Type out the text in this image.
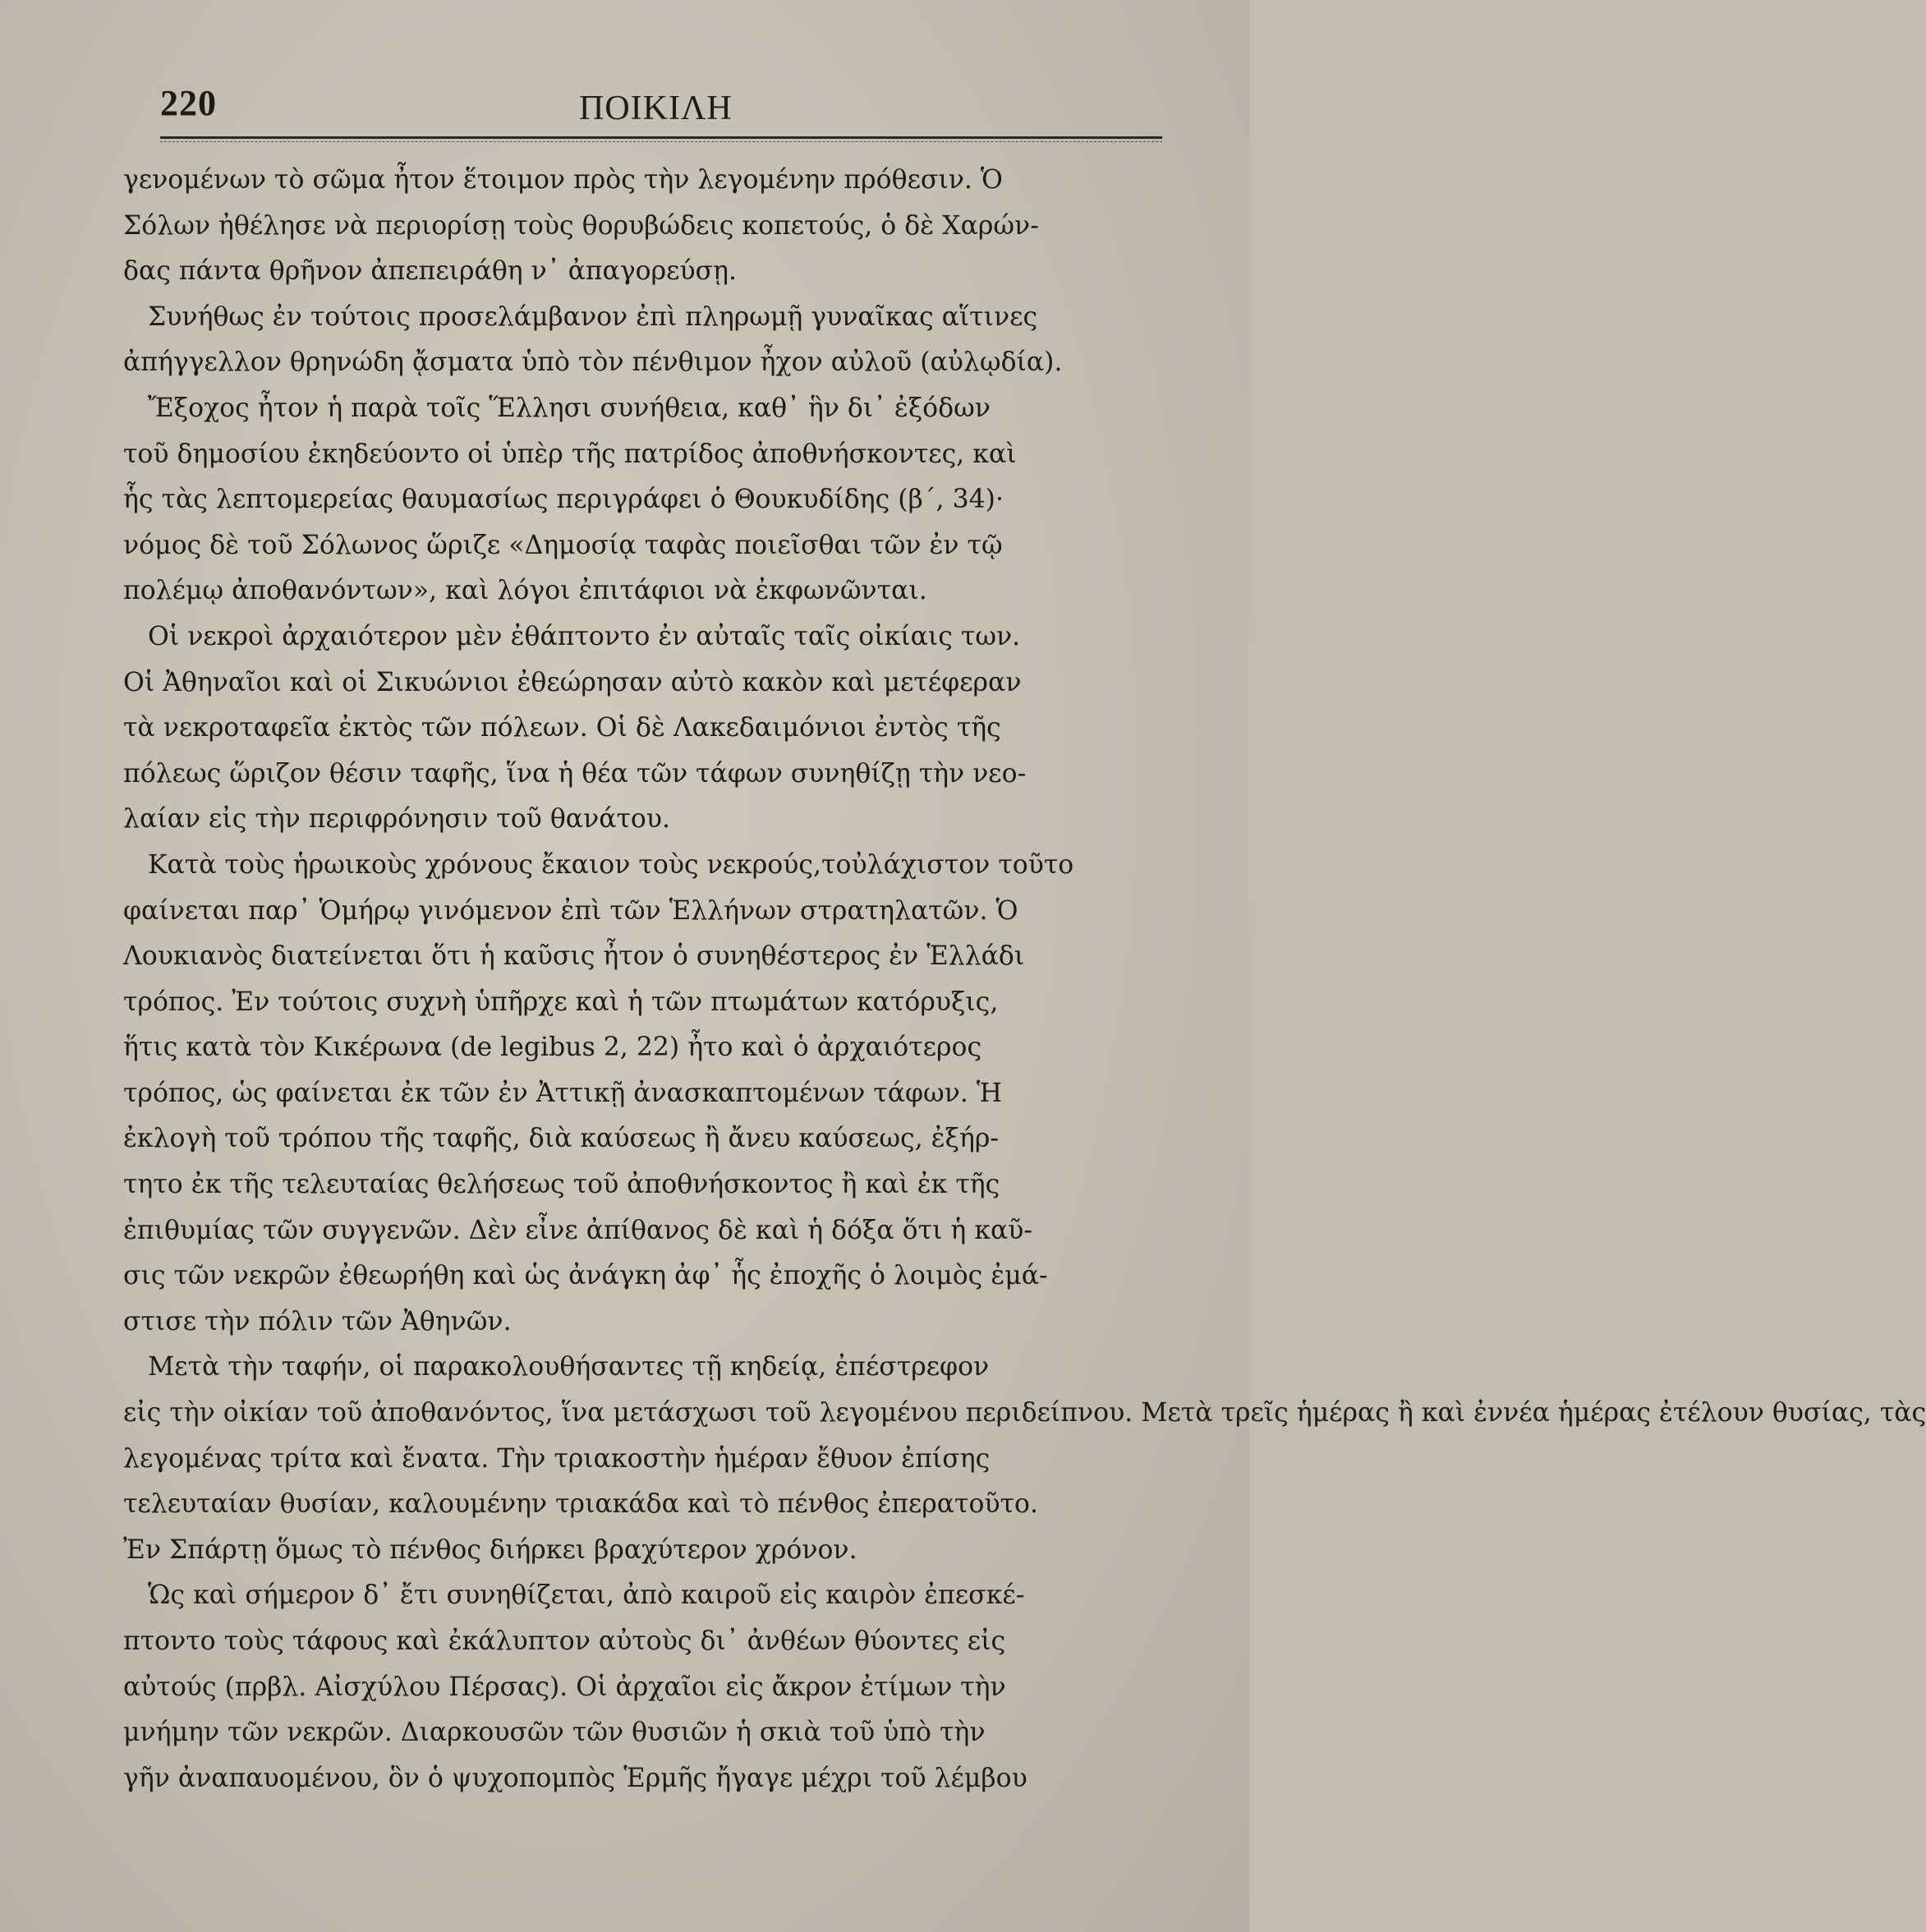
220	ΠΟΙΚΙΛΗ
γενομένων τὸ σῶμα ἦτον ἕτοιμον πρὸς τὴν λεγομένην πρόθεσιν. Ὁ
Σόλων ἠθέλησε νὰ περιορίσῃ τοὺς θορυβώδεις κοπετούς, ὁ δὲ Χαρών-
δας πάντα θρῆνον ἀπεπειράθη ν᾽ ἀπαγορεύσῃ.
Συνήθως ἐν τούτοις προσελάμβανον ἐπὶ πληρωμῇ γυναῖκας αἵτινες
ἀπήγγελλον θρηνώδη ᾄσματα ὑπὸ τὸν πένθιμον ἦχον αὐλοῦ (αὐλῳδία).
Ἔξοχος ἦτον ἡ παρὰ τοῖς Ἕλλησι συνήθεια, καθ᾽ ἣν δι᾽ ἐξόδων
τοῦ δημοσίου ἐκηδεύοντο οἱ ὑπὲρ τῆς πατρίδος ἀποθνήσκοντες, καὶ
ἧς τὰς λεπτομερείας θαυμασίως περιγράφει ὁ Θουκυδίδης (β´, 34)·
νόμος δὲ τοῦ Σόλωνος ὥριζε «Δημοσίᾳ ταφὰς ποιεῖσθαι τῶν ἐν τῷ
πολέμῳ ἀποθανόντων», καὶ λόγοι ἐπιτάφιοι νὰ ἐκφωνῶνται.
Οἱ νεκροὶ ἀρχαιότερον μὲν ἐθάπτοντο ἐν αὐταῖς ταῖς οἰκίαις των.
Οἱ Ἀθηναῖοι καὶ οἱ Σικυώνιοι ἐθεώρησαν αὐτὸ κακὸν καὶ μετέφεραν
τὰ νεκροταφεῖα ἐκτὸς τῶν πόλεων. Οἱ δὲ Λακεδαιμόνιοι ἐντὸς τῆς
πόλεως ὥριζον θέσιν ταφῆς, ἵνα ἡ θέα τῶν τάφων συνηθίζῃ τὴν νεο-
λαίαν εἰς τὴν περιφρόνησιν τοῦ θανάτου.
Κατὰ τοὺς ἡρωικοὺς χρόνους ἔκαιον τοὺς νεκρούς,τοὐλάχιστον τοῦτο
φαίνεται παρ᾽ Ὁμήρῳ γινόμενον ἐπὶ τῶν Ἑλλήνων στρατηλατῶν. Ὁ
Λουκιανὸς διατείνεται ὅτι ἡ καῦσις ἦτον ὁ συνηθέστερος ἐν Ἑλλάδι
τρόπος. Ἐν τούτοις συχνὴ ὑπῆρχε καὶ ἡ τῶν πτωμάτων κατόρυξις,
ἥτις κατὰ τὸν Κικέρωνα (de legibus 2, 22) ἦτο καὶ ὁ ἀρχαιότερος
τρόπος, ὡς φαίνεται ἐκ τῶν ἐν Ἀττικῇ ἀνασκαπτομένων τάφων. Ἡ
ἐκλογὴ τοῦ τρόπου τῆς ταφῆς, διὰ καύσεως ἢ ἄνευ καύσεως, ἐξήρ-
τητο ἐκ τῆς τελευταίας θελήσεως τοῦ ἀποθνήσκοντος ἢ καὶ ἐκ τῆς
ἐπιθυμίας τῶν συγγενῶν. Δὲν εἶνε ἀπίθανος δὲ καὶ ἡ δόξα ὅτι ἡ καῦ-
σις τῶν νεκρῶν ἐθεωρήθη καὶ ὡς ἀνάγκη ἀφ᾽ ἧς ἐποχῆς ὁ λοιμὸς ἐμά-
στισε τὴν πόλιν τῶν Ἀθηνῶν.
Μετὰ τὴν ταφήν, οἱ παρακολουθήσαντες τῇ κηδείᾳ, ἐπέστρεφον
εἰς τὴν οἰκίαν τοῦ ἀποθανόντος, ἵνα μετάσχωσι τοῦ λεγομένου περιδείπνου. Μετὰ τρεῖς ἡμέρας ἢ καὶ ἐννέα ἡμέρας ἐτέλουν θυσίας, τὰς
λεγομένας τρίτα καὶ ἔνατα. Τὴν τριακοστὴν ἡμέραν ἔθυον ἐπίσης
τελευταίαν θυσίαν, καλουμένην τριακάδα καὶ τὸ πένθος ἐπερατοῦτο.
Ἐν Σπάρτῃ ὅμως τὸ πένθος διήρκει βραχύτερον χρόνον.
Ὡς καὶ σήμερον δ᾽ ἔτι συνηθίζεται, ἀπὸ καιροῦ εἰς καιρὸν ἐπεσκέ-
πτοντο τοὺς τάφους καὶ ἐκάλυπτον αὐτοὺς δι᾽ ἀνθέων θύοντες εἰς
αὐτούς (πρβλ. Αἰσχύλου Πέρσας). Οἱ ἀρχαῖοι εἰς ἄκρον ἐτίμων τὴν
μνήμην τῶν νεκρῶν. Διαρκουσῶν τῶν θυσιῶν ἡ σκιὰ τοῦ ὑπὸ τὴν
γῆν ἀναπαυομένου, ὃν ὁ ψυχοπομπὸς Ἑρμῆς ἤγαγε μέχρι τοῦ λέμβου
